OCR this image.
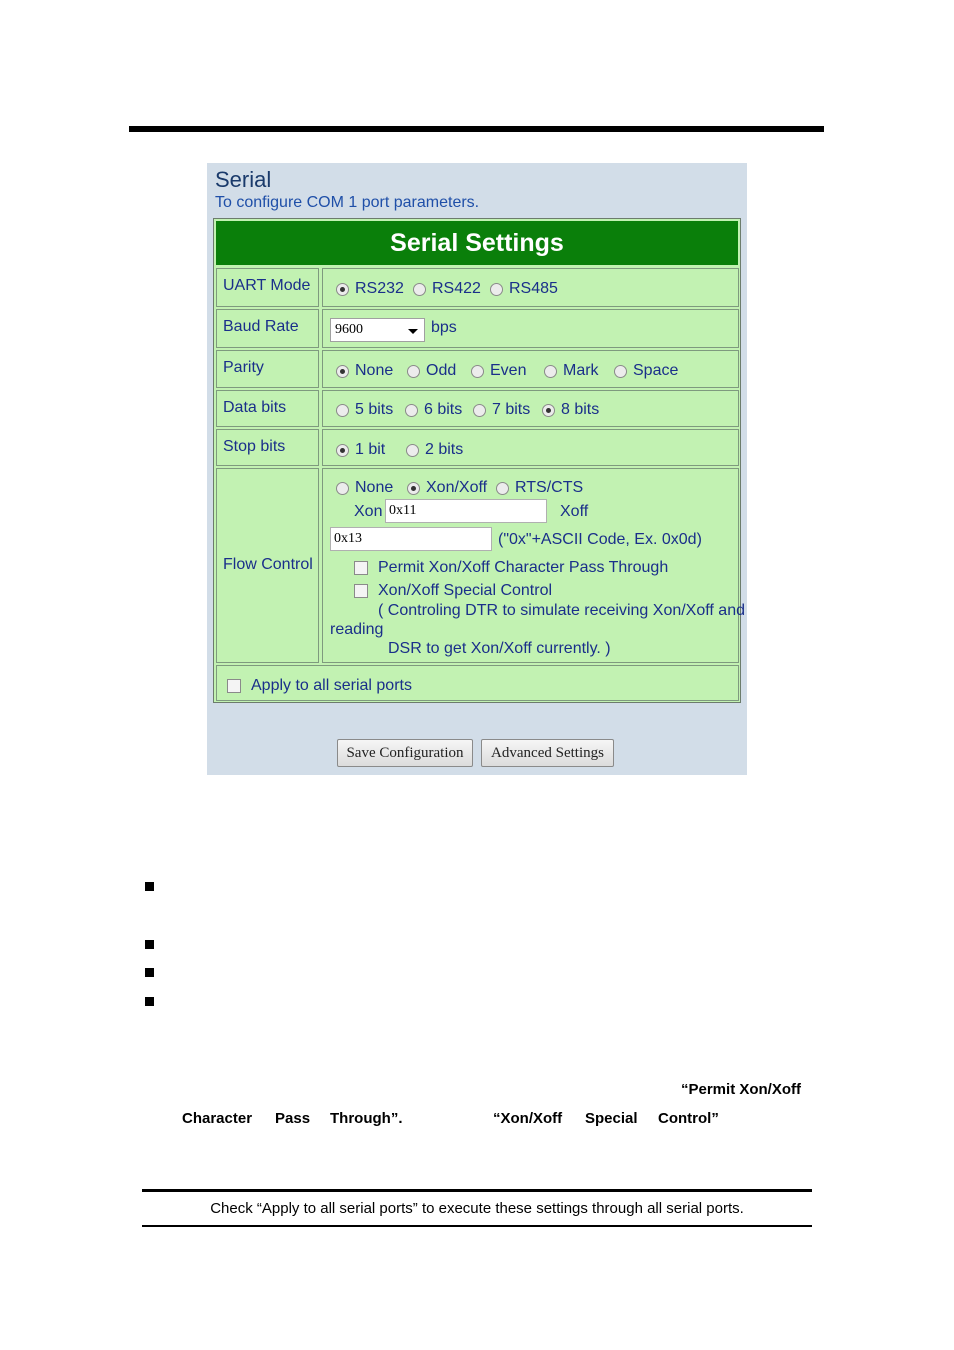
Serial
To configure COM 1 port parameters.
Serial Settings
UART Mode	RS232 RS422 RS485
Baud Rate	9600	bps
Parity	None Odd Even Mark Space
Data bits	5 bits 6 bits 7 bits 8 bits
Stop bits	1 bit 2 bits
Flow Control
None Xon/Xoff RTS/CTS
Xon 0x11	Xoff
0x13	("0x"+ASCII Code, Ex. 0x0d)
Permit Xon/Xoff Character Pass Through
Xon/Xoff Special Control
( Controling DTR to simulate receiving Xon/Xoff and
reading
DSR to get Xon/Xoff currently. )
Apply to all serial ports
Save Configuration	Advanced Settings
“Permit Xon/Xoff
Character Pass Through”.	“Xon/Xoff Special Control”
Check “Apply to all serial ports” to execute these settings through all serial ports.
